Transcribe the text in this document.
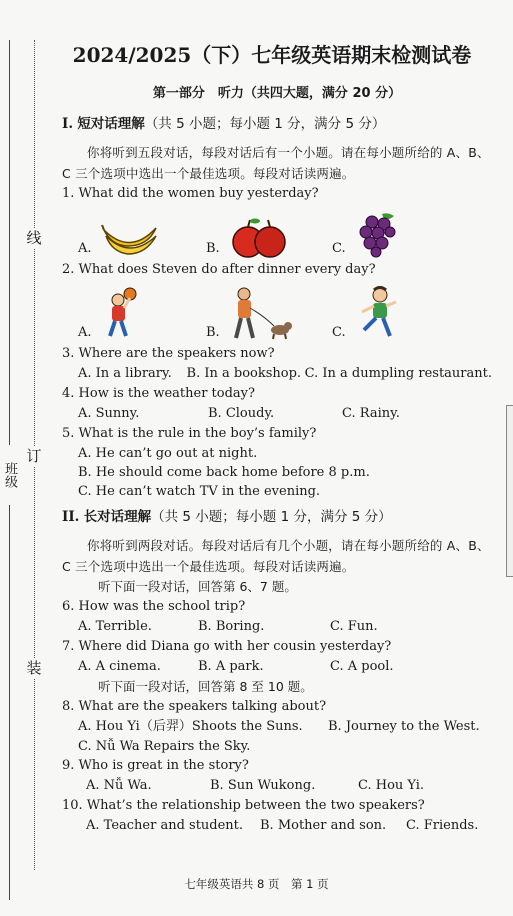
线
订
装
班级
2024/2025（下）七年级英语期末检测试卷
第一部分　听力（共四大题，满分 20 分）
I. 短对话理解（共 5 小题；每小题 1 分，满分 5 分）

你将听到五段对话，每段对话后有一个小题。请在每小题所给的 A、B、C 三个选项中选出一个最佳选项。每段对话读两遍。

1. What did the women buy yesterday?

A.	B.	C.

2. What does Steven do after dinner every day?

A.	B.	C.

3. Where are the speakers now?

A. In a library.	B. In a bookshop. C. In a dumpling restaurant.

4. How is the weather today?

A. Sunny.	B. Cloudy.	C. Rainy.

5. What is the rule in the boy’s family?

A. He can’t go out at night.

B. He should come back home before 8 p.m.

C. He can’t watch TV in the evening.

II. 长对话理解（共 5 小题；每小题 1 分，满分 5 分）

你将听到两段对话。每段对话后有几个小题，请在每小题所给的 A、B、C 三个选项中选出一个最佳选项。每段对话读两遍。

听下面一段对话，回答第 6、7 题。

6. How was the school trip?

A. Terrible.	B. Boring.	C. Fun.

7. Where did Diana go with her cousin yesterday?

A. A cinema.	B. A park.	C. A pool.

听下面一段对话，回答第 8 至 10 题。

8. What are the speakers talking about?

A. Hou Yi（后羿）Shoots the Suns.	B. Journey to the West.

C. Nǚ Wa Repairs the Sky.

9. Who is great in the story?

A. Nǚ Wa.	B. Sun Wukong.	C. Hou Yi.

10. What’s the relationship between the two speakers?

A. Teacher and student.	B. Mother and son.	C. Friends.
七年级英语共 8 页　第 1 页
